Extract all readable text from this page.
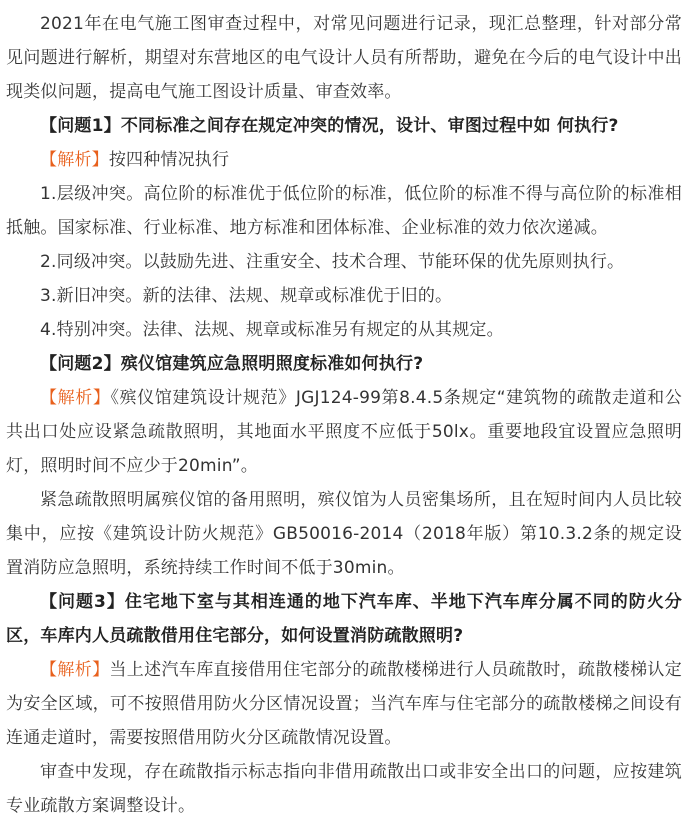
2021年在电气施工图审查过程中，对常见问题进行记录，现汇总整理，针对部分常见问题进行解析，期望对东营地区的电气设计人员有所帮助，避免在今后的电气设计中出现类似问题，提高电气施工图设计质量、审查效率。

【问题1】不同标准之间存在规定冲突的情况，设计、审图过程中如 何执行?

【解析】按四种情况执行

1.层级冲突。高位阶的标准优于低位阶的标准，低位阶的标准不得与高位阶的标准相抵触。国家标准、行业标准、地方标准和团体标准、企业标准的效力依次递减。

2.同级冲突。以鼓励先进、注重安全、技术合理、节能环保的优先原则执行。

3.新旧冲突。新的法律、法规、规章或标准优于旧的。

4.特别冲突。法律、法规、规章或标准另有规定的从其规定。

【问题2】殡仪馆建筑应急照明照度标准如何执行?

【解析】《殡仪馆建筑设计规范》JGJ124-99第8.4.5条规定“建筑物的疏散走道和公共出口处应设紧急疏散照明，其地面水平照度不应低于50lx。重要地段宜设置应急照明灯，照明时间不应少于20min”。

紧急疏散照明属殡仪馆的备用照明，殡仪馆为人员密集场所，且在短时间内人员比较集中，应按《建筑设计防火规范》GB50016-2014（2018年版）第10.3.2条的规定设置消防应急照明，系统持续工作时间不低于30min。

【问题3】住宅地下室与其相连通的地下汽车库、半地下汽车库分属不同的防火分区，车库内人员疏散借用住宅部分，如何设置消防疏散照明?

【解析】当上述汽车库直接借用住宅部分的疏散楼梯进行人员疏散时，疏散楼梯认定为安全区域，可不按照借用防火分区情况设置；当汽车库与住宅部分的疏散楼梯之间设有连通走道时，需要按照借用防火分区疏散情况设置。

审查中发现，存在疏散指示标志指向非借用疏散出口或非安全出口的问题，应按建筑专业疏散方案调整设计。
